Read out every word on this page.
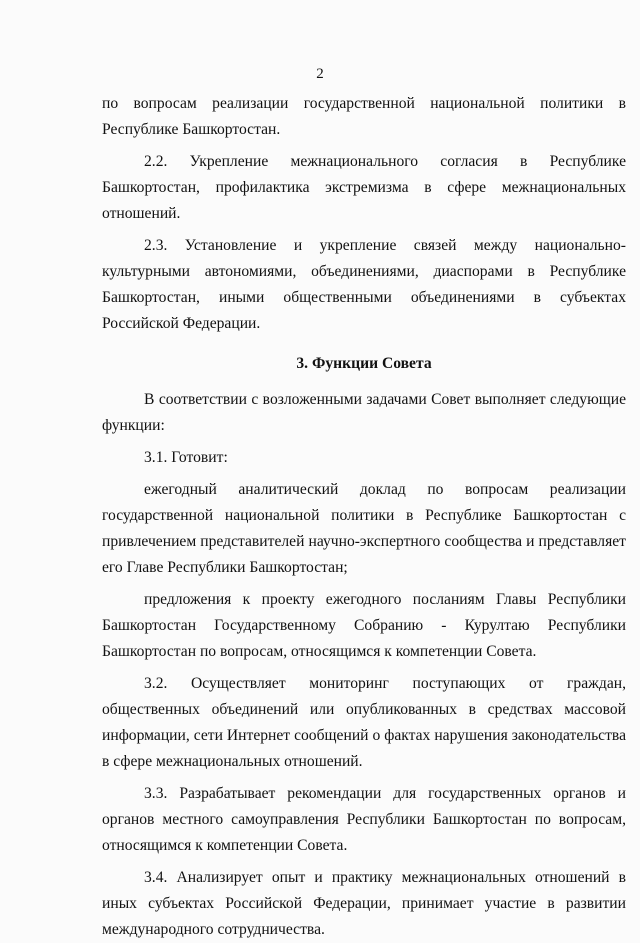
2

по вопросам реализации государственной национальной политики в Республике Башкортостан.

2.2. Укрепление межнационального согласия в Республике Башкортостан, профилактика экстремизма в сфере межнациональных отношений.

2.3. Установление и укрепление связей между национально-культурными автономиями, объединениями, диаспорами в Республике Башкортостан, иными общественными объединениями в субъектах Российской Федерации.

3. Функции Совета

В соответствии с возложенными задачами Совет выполняет следующие функции:

3.1. Готовит:

ежегодный аналитический доклад по вопросам реализации государственной национальной политики в Республике Башкортостан с привлечением представителей научно-экспертного сообщества и представляет его Главе Республики Башкортостан;

предложения к проекту ежегодного посланиям Главы Республики Башкортостан Государственному Собранию - Курултаю Республики Башкортостан по вопросам, относящимся к компетенции Совета.

3.2. Осуществляет мониторинг поступающих от граждан, общественных объединений или опубликованных в средствах массовой информации, сети Интернет сообщений о фактах нарушения законодательства в сфере межнациональных отношений.

3.3. Разрабатывает рекомендации для государственных органов и органов местного самоуправления Республики Башкортостан по вопросам, относящимся к компетенции Совета.

3.4. Анализирует опыт и практику межнациональных отношений в иных субъектах Российской Федерации, принимает участие в развитии международного сотрудничества.
